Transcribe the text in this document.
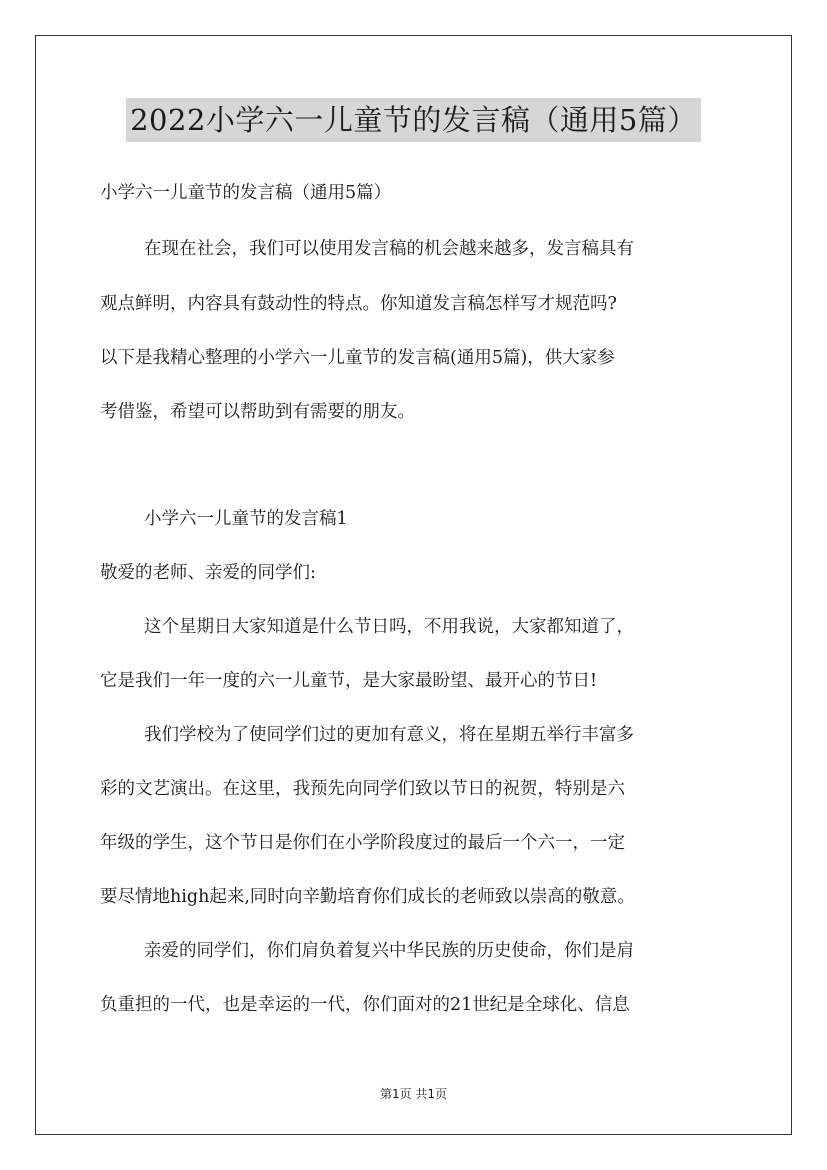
2022小学六一儿童节的发言稿（通用5篇）
小学六一儿童节的发言稿（通用5篇）
在现在社会，我们可以使用发言稿的机会越来越多，发言稿具有
观点鲜明，内容具有鼓动性的特点。你知道发言稿怎样写才规范吗?
以下是我精心整理的小学六一儿童节的发言稿(通用5篇)，供大家参
考借鉴，希望可以帮助到有需要的朋友。
小学六一儿童节的发言稿1
敬爱的老师、亲爱的同学们:
这个星期日大家知道是什么节日吗，不用我说，大家都知道了，
它是我们一年一度的六一儿童节，是大家最盼望、最开心的节日!
我们学校为了使同学们过的更加有意义，将在星期五举行丰富多
彩的文艺演出。在这里，我预先向同学们致以节日的祝贺，特别是六
年级的学生，这个节日是你们在小学阶段度过的最后一个六一，一定
要尽情地high起来,同时向辛勤培育你们成长的老师致以崇高的敬意。
亲爱的同学们，你们肩负着复兴中华民族的历史使命，你们是肩
负重担的一代，也是幸运的一代，你们面对的21世纪是全球化、信息
第1页 共1页
